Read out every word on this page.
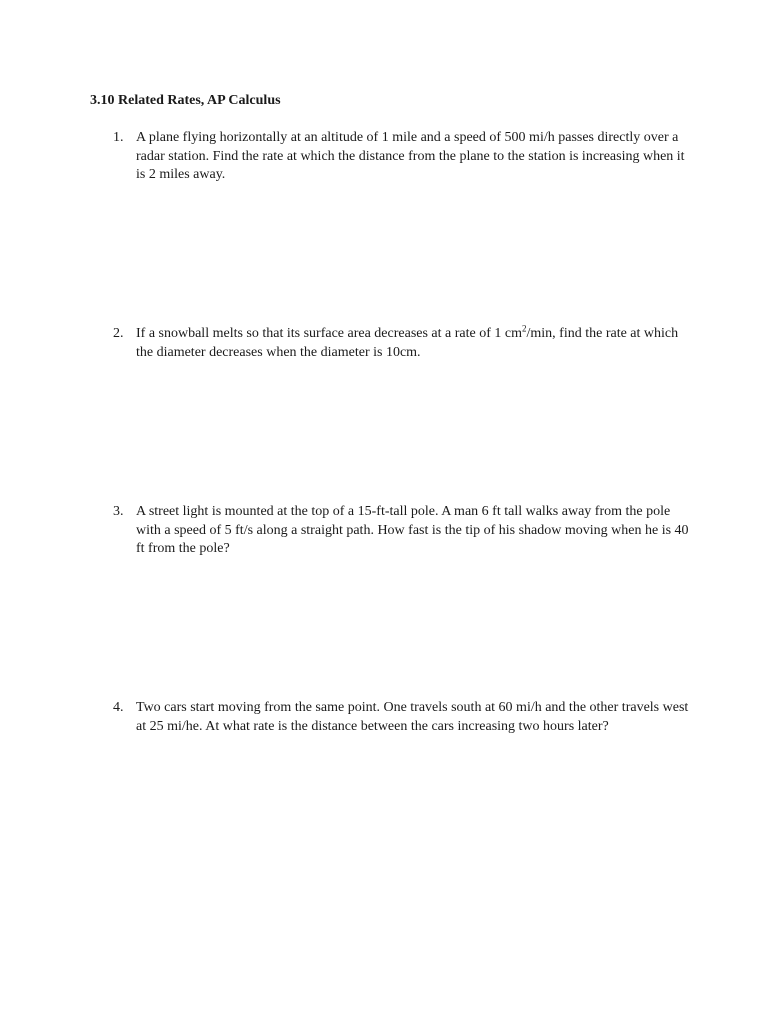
3.10 Related Rates, AP Calculus
1. A plane flying horizontally at an altitude of 1 mile and a speed of 500 mi/h passes directly over a radar station. Find the rate at which the distance from the plane to the station is increasing when it is 2 miles away.
2. If a snowball melts so that its surface area decreases at a rate of 1 $cm^2/\min$, find the rate at which the diameter decreases when the diameter is 10cm.
3. A street light is mounted at the top of a 15-ft-tall pole. A man 6 ft tall walks away from the pole with a speed of 5 ft/s along a straight path. How fast is the tip of his shadow moving when he is 40 ft from the pole?
4. Two cars start moving from the same point. One travels south at 60 mi/h and the other travels west at 25 mi/he. At what rate is the distance between the cars increasing two hours later?
